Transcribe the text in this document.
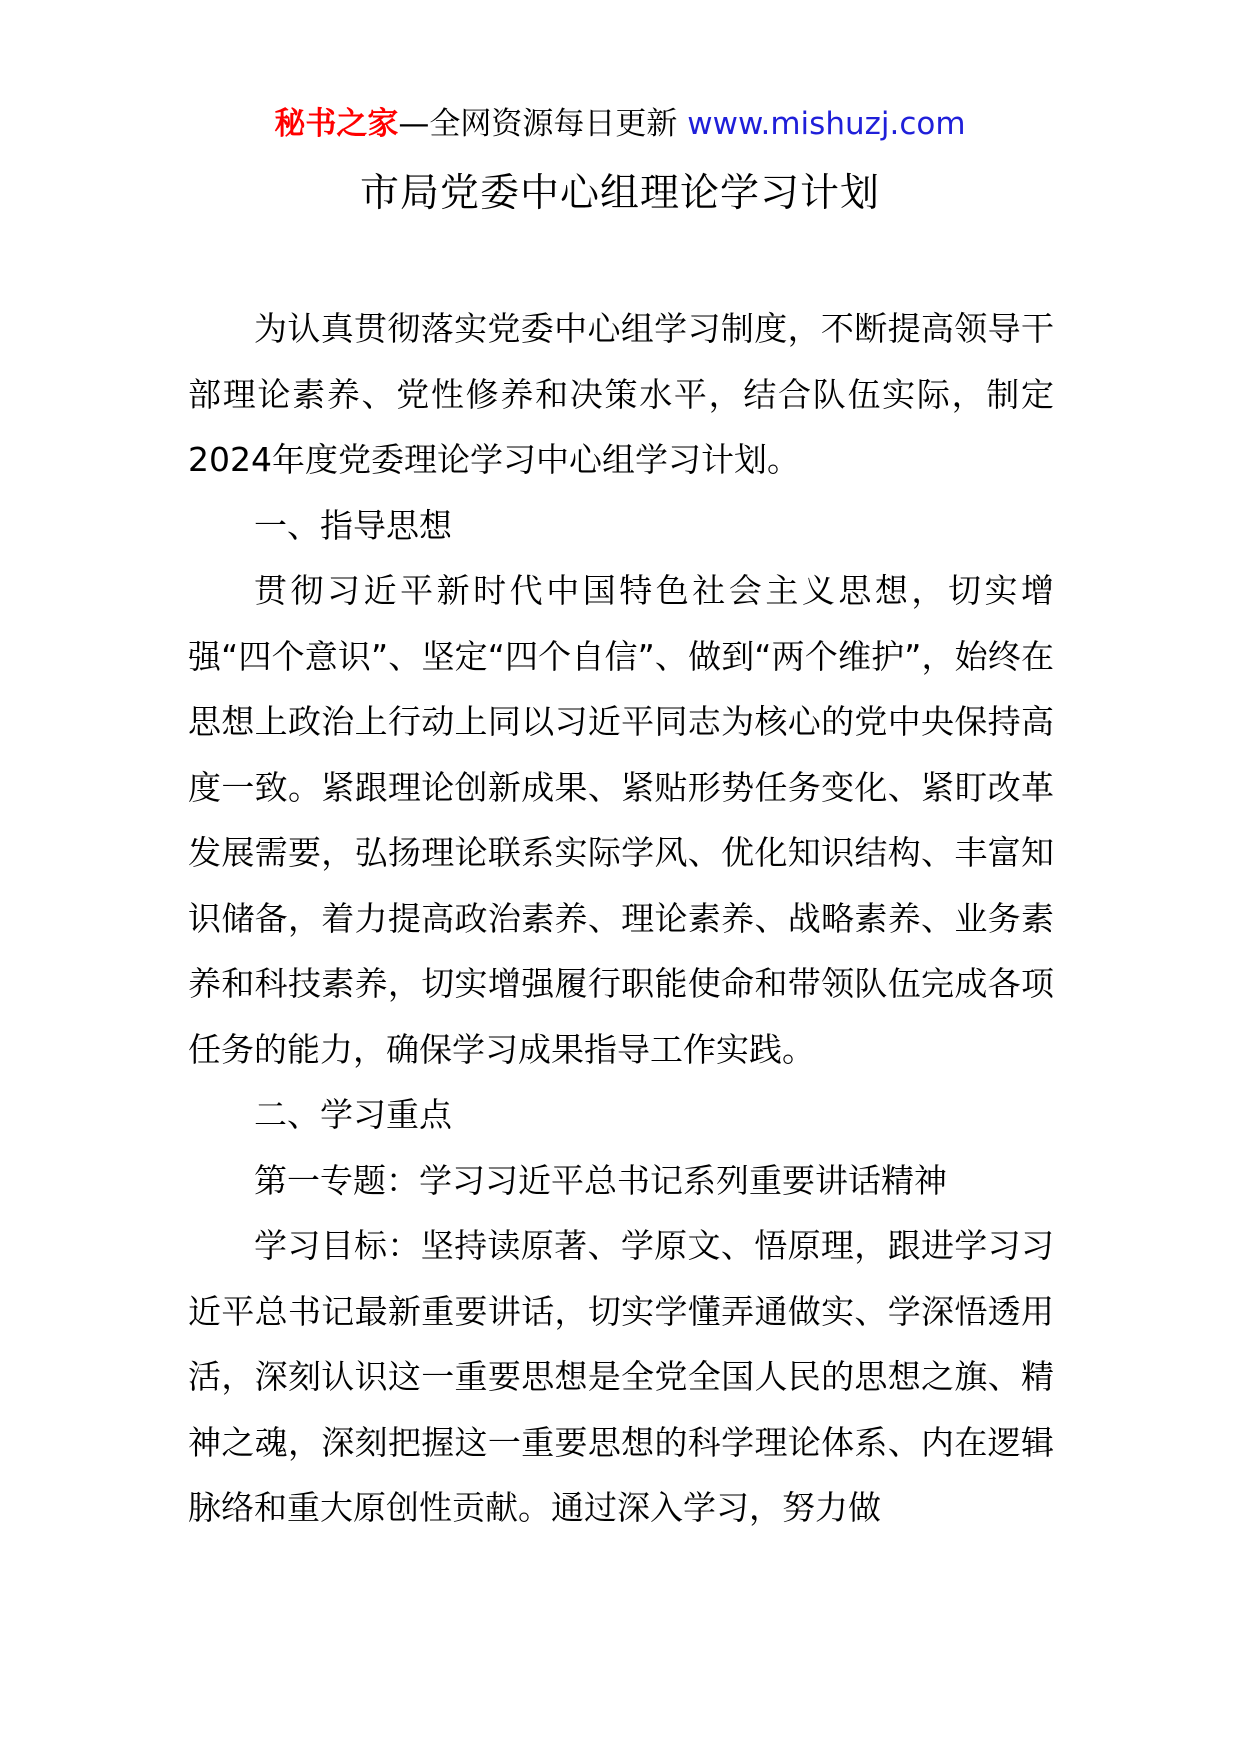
秘书之家—全网资源每日更新 www.mishuzj.com
市局党委中心组理论学习计划

为认真贯彻落实党委中心组学习制度，不断提高领导干部理论素养、党性修养和决策水平，结合队伍实际，制定2024年度党委理论学习中心组学习计划。

一、指导思想

贯彻习近平新时代中国特色社会主义思想，切实增强“四个意识”、坚定“四个自信”、做到“两个维护”，始终在思想上政治上行动上同以习近平同志为核心的党中央保持高度一致。紧跟理论创新成果、紧贴形势任务变化、紧盯改革发展需要，弘扬理论联系实际学风、优化知识结构、丰富知识储备，着力提高政治素养、理论素养、战略素养、业务素养和科技素养，切实增强履行职能使命和带领队伍完成各项任务的能力，确保学习成果指导工作实践。

二、学习重点

第一专题：学习习近平总书记系列重要讲话精神

学习目标：坚持读原著、学原文、悟原理，跟进学习习近平总书记最新重要讲话，切实学懂弄通做实、学深悟透用活，深刻认识这一重要思想是全党全国人民的思想之旗、精神之魂，深刻把握这一重要思想的科学理论体系、内在逻辑脉络和重大原创性贡献。通过深入学习，努力做
